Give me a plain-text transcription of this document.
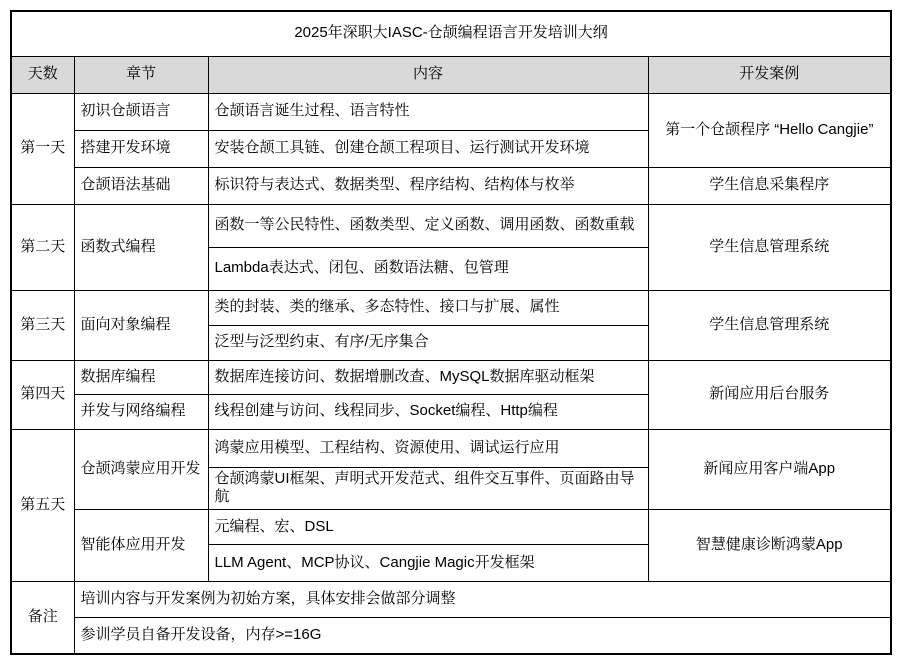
2025年深职大IASC-仓颉编程语言开发培训大纲			
天数	章节	内容	开发案例
第一天	初识仓颉语言	仓颉语言诞生过程、语言特性	第一个仓颉程序 “Hello Cangjie”
	搭建开发环境	安装仓颉工具链、创建仓颉工程项目、运行测试开发环境	
	仓颉语法基础	标识符与表达式、数据类型、程序结构、结构体与枚举	学生信息采集程序
第二天	函数式编程	函数一等公民特性、函数类型、定义函数、调用函数、函数重载	学生信息管理系统
		Lambda表达式、闭包、函数语法糖、包管理	
第三天	面向对象编程	类的封装、类的继承、多态特性、接口与扩展、属性	学生信息管理系统
		泛型与泛型约束、有序/无序集合	
第四天	数据库编程	数据库连接访问、数据增删改查、MySQL数据库驱动框架	新闻应用后台服务
	并发与网络编程	线程创建与访问、线程同步、Socket编程、Http编程	
第五天	仓颉鸿蒙应用开发	鸿蒙应用模型、工程结构、资源使用、调试运行应用	新闻应用客户端App
		仓颉鸿蒙UI框架、声明式开发范式、组件交互事件、页面路由导航	
	智能体应用开发	元编程、宏、DSL	智慧健康诊断鸿蒙App
		LLM Agent、MCP协议、Cangjie Magic开发框架	
备注	培训内容与开发案例为初始方案，具体安排会做部分调整		
	参训学员自备开发设备，内存>=16G		
